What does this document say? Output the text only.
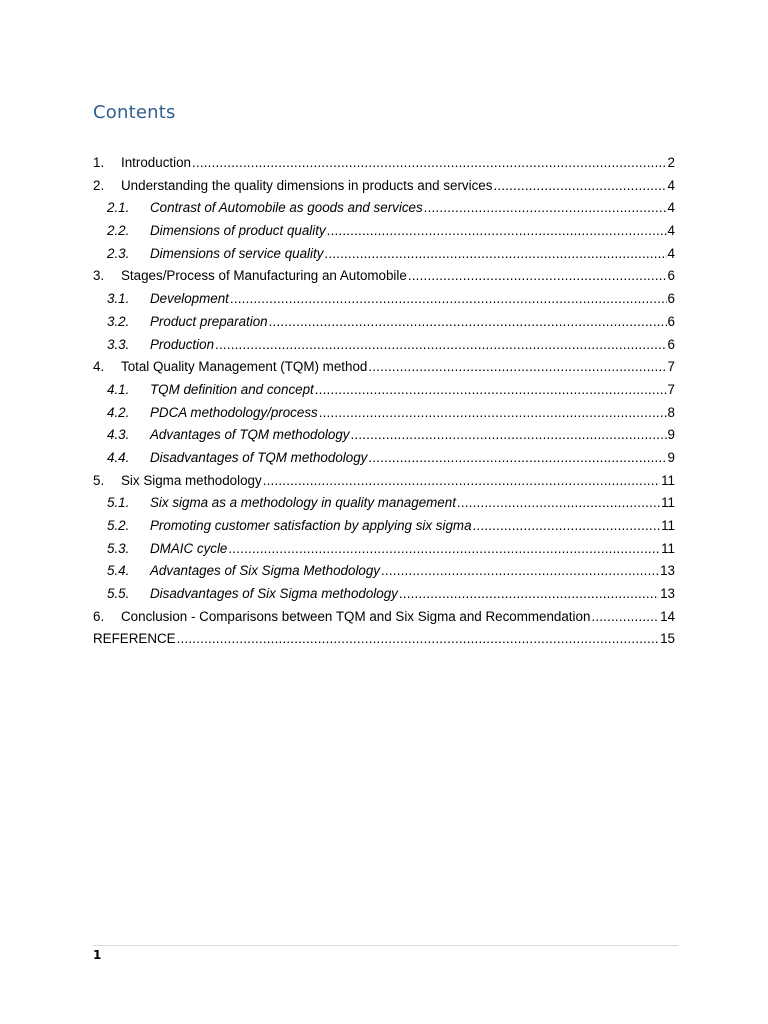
Contents
1.	Introduction .....	2
2.	Understanding the quality dimensions in products and services .....	4
2.1.	Contrast of Automobile as goods and services .....	4
2.2.	Dimensions of product quality .....	4
2.3.	Dimensions of service quality .....	4
3.	Stages/Process of Manufacturing an Automobile .....	6
3.1.	Development .....	6
3.2.	Product preparation .....	6
3.3.	Production .....	6
4.	Total Quality Management (TQM) method .....	7
4.1.	TQM definition and concept .....	7
4.2.	PDCA methodology/process .....	8
4.3.	Advantages of TQM methodology .....	9
4.4.	Disadvantages of TQM methodology .....	9
5.	Six Sigma methodology .....	11
5.1.	Six sigma as a methodology in quality management .....	11
5.2.	Promoting customer satisfaction by applying six sigma .....	11
5.3.	DMAIC cycle .....	11
5.4.	Advantages of Six Sigma Methodology .....	13
5.5.	Disadvantages of Six Sigma methodology .....	13
6.	Conclusion - Comparisons between TQM and Six Sigma and Recommendation .....	14
REFERENCE .....	15
1
